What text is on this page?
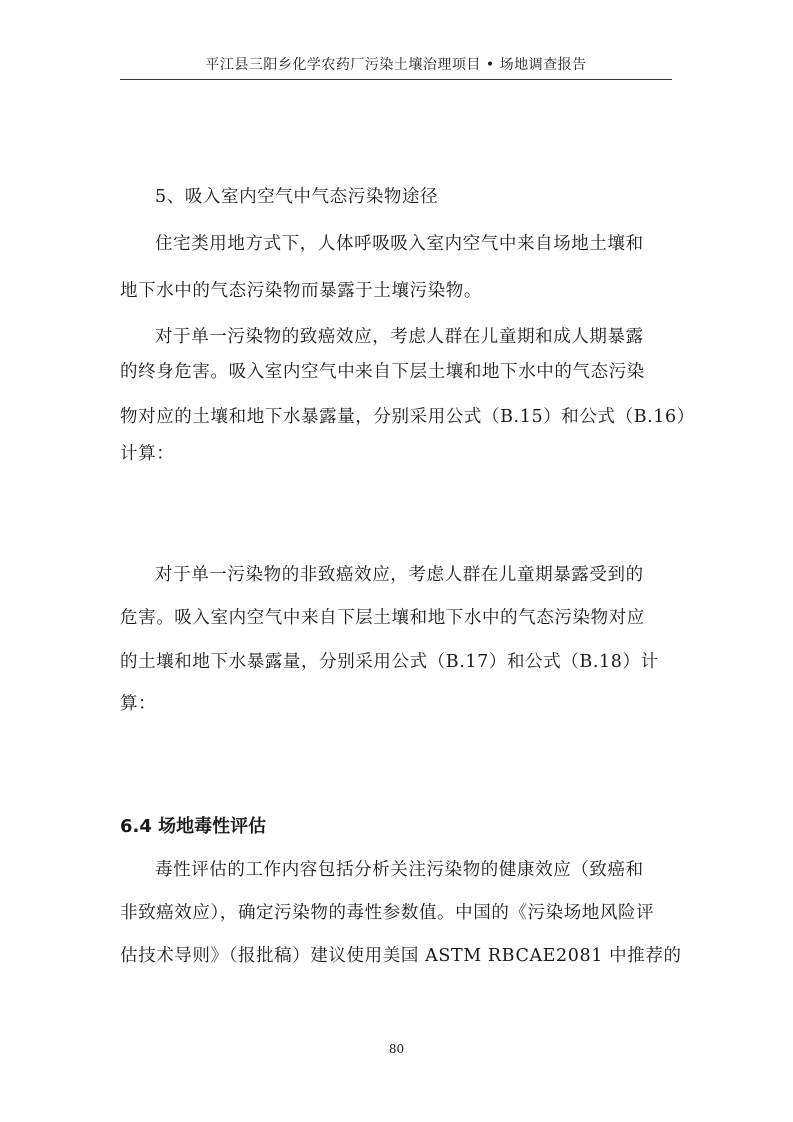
平江县三阳乡化学农药厂污染土壤治理项目 • 场地调查报告
5、吸入室内空气中气态污染物途径
住宅类用地方式下，人体呼吸吸入室内空气中来自场地土壤和
地下水中的气态污染物而暴露于土壤污染物。
对于单一污染物的致癌效应，考虑人群在儿童期和成人期暴露
的终身危害。吸入室内空气中来自下层土壤和地下水中的气态污染
物对应的土壤和地下水暴露量，分别采用公式（B.15）和公式（B.16）
计算：
对于单一污染物的非致癌效应，考虑人群在儿童期暴露受到的
危害。吸入室内空气中来自下层土壤和地下水中的气态污染物对应
的土壤和地下水暴露量，分别采用公式（B.17）和公式（B.18）计
算：
6.4 场地毒性评估
毒性评估的工作内容包括分析关注污染物的健康效应（致癌和
非致癌效应），确定污染物的毒性参数值。中国的《污染场地风险评
估技术导则》（报批稿）建议使用美国 ASTM RBCAE2081 中推荐的
80
